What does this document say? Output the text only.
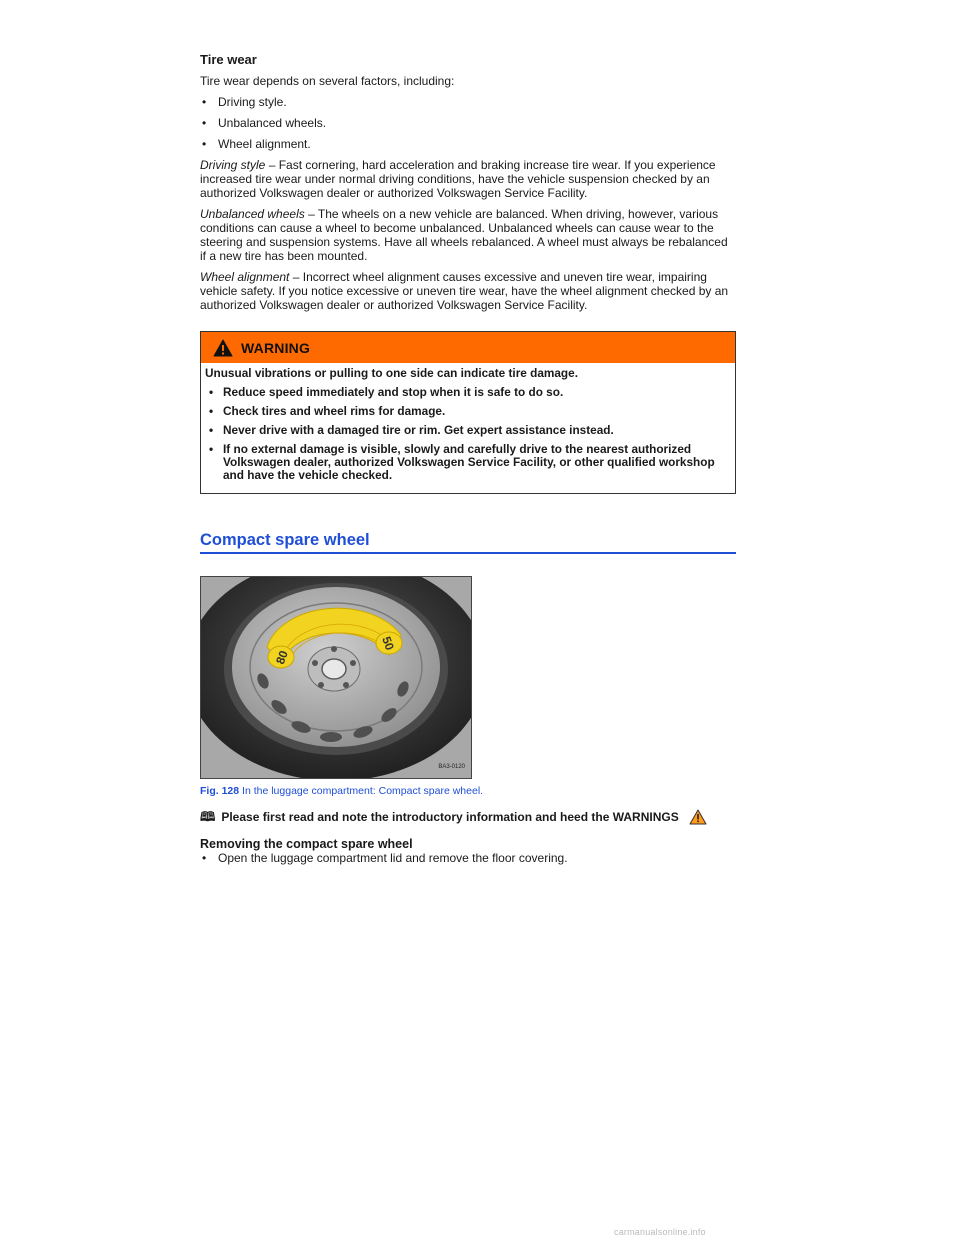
Tire wear

Tire wear depends on several factors, including:

• Driving style.
• Unbalanced wheels.
• Wheel alignment.

Driving style – Fast cornering, hard acceleration and braking increase tire wear. If you experience increased tire wear under normal driving conditions, have the vehicle suspension checked by an authorized Volkswagen dealer or authorized Volkswagen Service Facility.

Unbalanced wheels – The wheels on a new vehicle are balanced. When driving, however, various conditions can cause a wheel to become unbalanced. Unbalanced wheels can cause wear to the steering and suspension systems. Have all wheels rebalanced. A wheel must always be rebalanced if a new tire has been mounted.

Wheel alignment – Incorrect wheel alignment causes excessive and uneven tire wear, impairing vehicle safety. If you notice excessive or uneven tire wear, have the wheel alignment checked by an authorized Volkswagen dealer or authorized Volkswagen Service Facility.

WARNING

Unusual vibrations or pulling to one side can indicate tire damage.

• Reduce speed immediately and stop when it is safe to do so.
• Check tires and wheel rims for damage.
• Never drive with a damaged tire or rim. Get expert assistance instead.
• If no external damage is visible, slowly and carefully drive to the nearest authorized Volkswagen dealer, authorized Volkswagen Service Facility, or other qualified workshop and have the vehicle checked.
Compact spare wheel
80
50
BA3-0120
Fig. 128 In the luggage compartment: Compact spare wheel.
🕮 Please first read and note the introductory information and heed the WARNINGS
Removing the compact spare wheel
• Open the luggage compartment lid and remove the floor covering.
carmanualsonline.info
